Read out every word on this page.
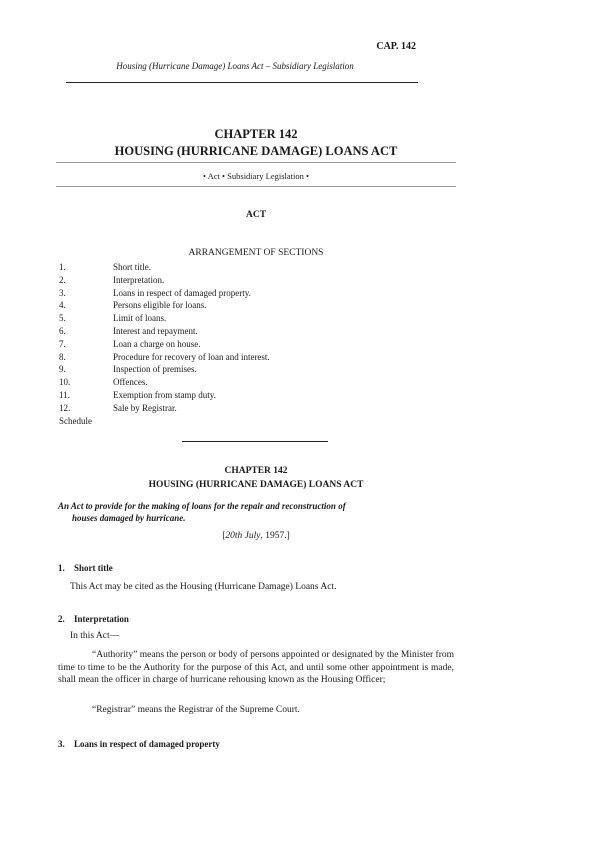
CAP. 142
Housing (Hurricane Damage) Loans Act – Subsidiary Legislation
CHAPTER 142
HOUSING (HURRICANE DAMAGE) LOANS ACT
• Act • Subsidiary Legislation •
ACT
ARRANGEMENT OF SECTIONS
1.	Short title.
2.	Interpretation.
3.	Loans in respect of damaged property.
4.	Persons eligible for loans.
5.	Limit of loans.
6.	Interest and repayment.
7.	Loan a charge on house.
8.	Procedure for recovery of loan and interest.
9.	Inspection of premises.
10.	Offences.
11.	Exemption from stamp duty.
12.	Sale by Registrar.
Schedule
CHAPTER 142
HOUSING (HURRICANE DAMAGE) LOANS ACT
An Act to provide for the making of loans for the repair and reconstruction of
houses damaged by hurricane.
[20th July, 1957.]
1. Short title
This Act may be cited as the Housing (Hurricane Damage) Loans Act.
2. Interpretation
In this Act—
“Authority” means the person or body of persons appointed or designated by the Minister from time to time to be the Authority for the purpose of this Act, and until some other appointment is made, shall mean the officer in charge of hurricane rehousing known as the Housing Officer;
“Registrar” means the Registrar of the Supreme Court.
3. Loans in respect of damaged property
